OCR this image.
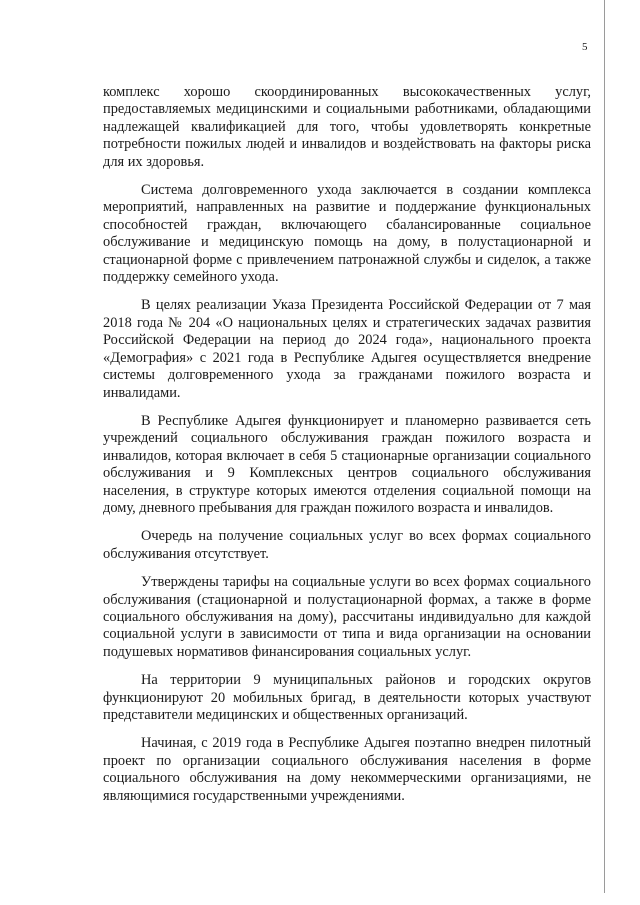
5

комплекс хорошо скоординированных высококачественных услуг, предоставляемых медицинскими и социальными работниками, обладающими надлежащей квалификацией для того, чтобы удовлетворять конкретные потребности пожилых людей и инвалидов и воздействовать на факторы риска для их здоровья.

Система долговременного ухода заключается в создании комплекса мероприятий, направленных на развитие и поддержание функциональных способностей граждан, включающего сбалансированные социальное обслуживание и медицинскую помощь на дому, в полустационарной и стационарной форме с привлечением патронажной службы и сиделок, а также поддержку семейного ухода.

В целях реализации Указа Президента Российской Федерации от 7 мая 2018 года № 204 «О национальных целях и стратегических задачах развития Российской Федерации на период до 2024 года», национального проекта «Демография» с 2021 года в Республике Адыгея осуществляется внедрение системы долговременного ухода за гражданами пожилого возраста и инвалидами.

В Республике Адыгея функционирует и планомерно развивается сеть учреждений социального обслуживания граждан пожилого возраста и инвалидов, которая включает в себя 5 стационарные организации социального обслуживания и 9 Комплексных центров социального обслуживания населения, в структуре которых имеются отделения социальной помощи на дому, дневного пребывания для граждан пожилого возраста и инвалидов.

Очередь на получение социальных услуг во всех формах социального обслуживания отсутствует.

Утверждены тарифы на социальные услуги во всех формах социального обслуживания (стационарной и полустационарной формах, а также в форме социального обслуживания на дому), рассчитаны индивидуально для каждой социальной услуги в зависимости от типа и вида организации на основании подушевых нормативов финансирования социальных услуг.

На территории 9 муниципальных районов и городских округов функционируют 20 мобильных бригад, в деятельности которых участвуют представители медицинских и общественных организаций.

Начиная, с 2019 года в Республике Адыгея поэтапно внедрен пилотный проект по организации социального обслуживания населения в форме социального обслуживания на дому некоммерческими организациями, не являющимися государственными учреждениями.
